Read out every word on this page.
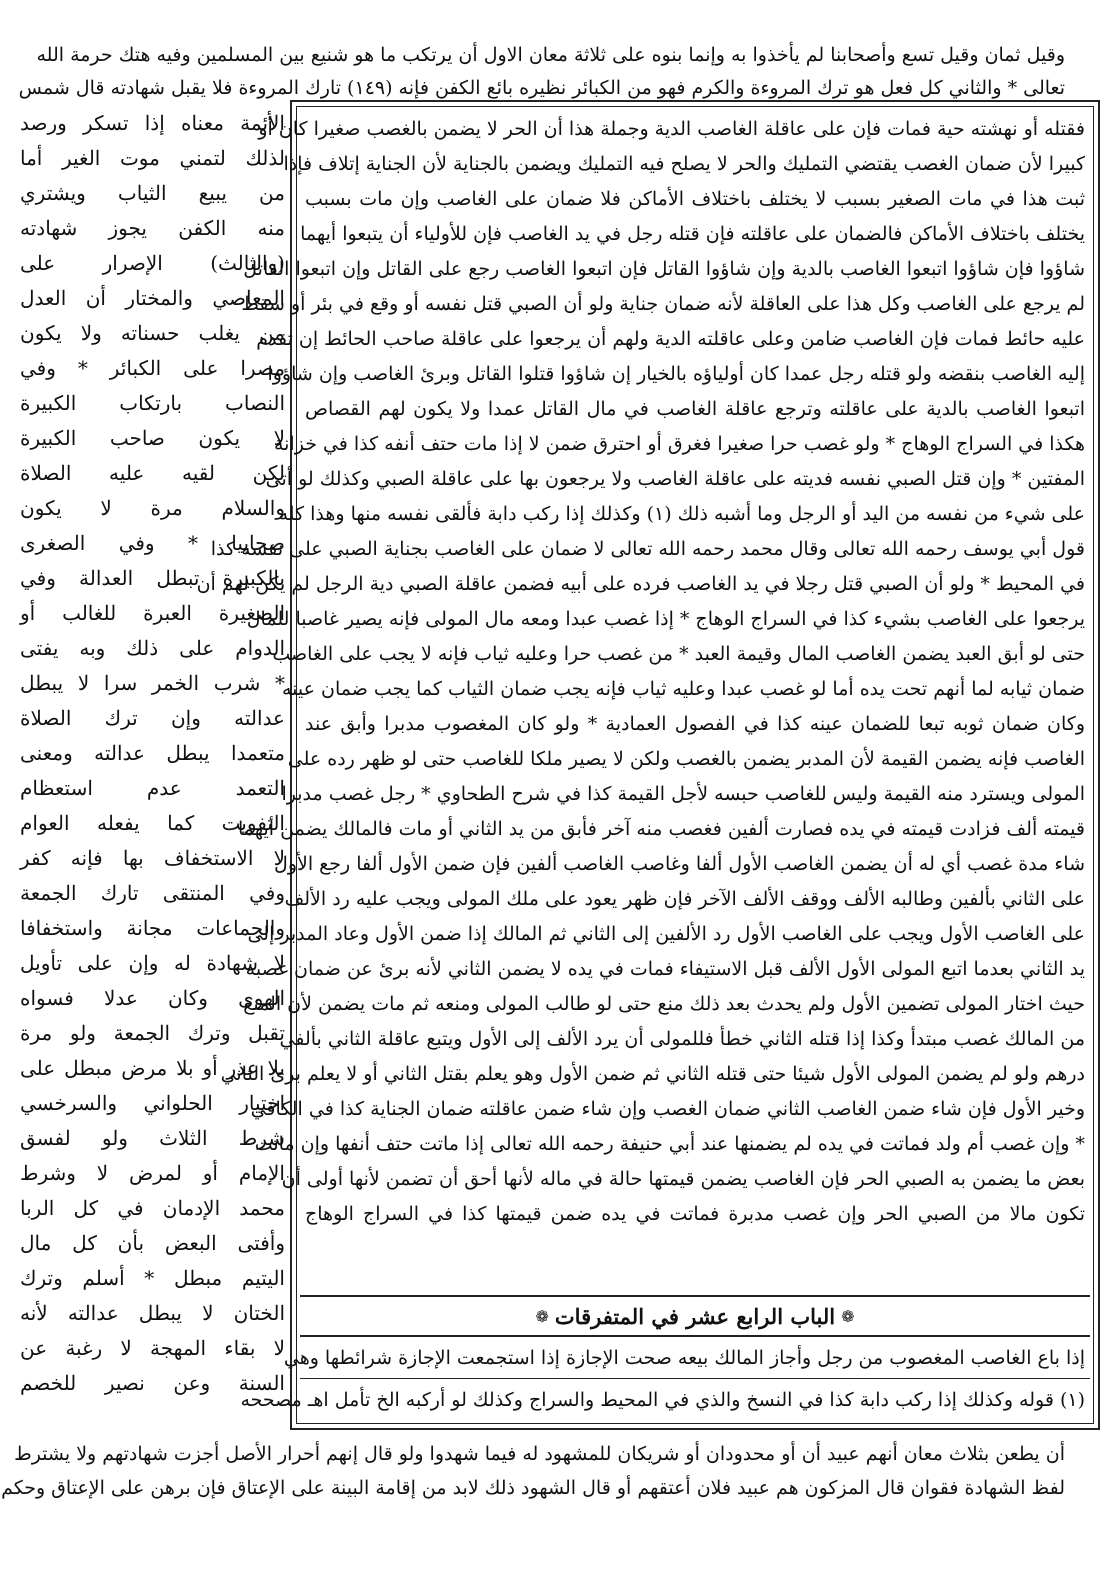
وقيل ثمان وقيل تسع وأصحابنا لم يأخذوا به وإنما بنوه على ثلاثة معان الاول أن يرتكب ما هو شنيع بين المسلمين وفيه هتك حرمة الله
تعالى * والثاني كل فعل هو ترك المروءة والكرم فهو من الكبائر نظيره بائع الكفن فإنه (١٤٩) تارك المروءة فلا يقبل شهادته قال شمس
فقتله أو نهشته حية فمات فإن على عاقلة الغاصب الدية وجملة هذا أن الحر لا يضمن بالغصب صغيرا كان أو
كبيرا لأن ضمان الغصب يقتضي التمليك والحر لا يصلح فيه التمليك ويضمن بالجناية لأن الجناية إتلاف فإذا
ثبت هذا في مات الصغير بسبب لا يختلف باختلاف الأماكن فلا ضمان على الغاصب وإن مات بسبب
يختلف باختلاف الأماكن فالضمان على عاقلته فإن قتله رجل في يد الغاصب فإن للأولياء أن يتبعوا أيهما
شاؤوا فإن شاؤوا اتبعوا الغاصب بالدية وإن شاؤوا القاتل فإن اتبعوا الغاصب رجع على القاتل وإن اتبعوا القاتل
لم يرجع على الغاصب وكل هذا على العاقلة لأنه ضمان جناية ولو أن الصبي قتل نفسه أو وقع في بئر أو سقط
عليه حائط فمات فإن الغاصب ضامن وعلى عاقلته الدية ولهم أن يرجعوا على عاقلة صاحب الحائط إن تقدم
إليه الغاصب بنقضه ولو قتله رجل عمدا كان أولياؤه بالخيار إن شاؤوا قتلوا القاتل وبرئ الغاصب وإن شاؤوا
اتبعوا الغاصب بالدية على عاقلته وترجع عاقلة الغاصب في مال القاتل عمدا ولا يكون لهم القصاص
هكذا في السراج الوهاج * ولو غصب حرا صغيرا فغرق أو احترق ضمن لا إذا مات حتف أنفه كذا في خزانة
المفتين * وإن قتل الصبي نفسه فديته على عاقلة الغاصب ولا يرجعون بها على عاقلة الصبي وكذلك لو أتى
على شيء من نفسه من اليد أو الرجل وما أشبه ذلك (١) وكذلك إذا ركب دابة فألقى نفسه منها وهذا كله
قول أبي يوسف رحمه الله تعالى وقال محمد رحمه الله تعالى لا ضمان على الغاصب بجناية الصبي على نفسه كذا
في المحيط * ولو أن الصبي قتل رجلا في يد الغاصب فرده على أبيه فضمن عاقلة الصبي دية الرجل لم يكن لهم أن
يرجعوا على الغاصب بشيء كذا في السراج الوهاج * إذا غصب عبدا ومعه مال المولى فإنه يصير غاصبا للمال
حتى لو أبق العبد يضمن الغاصب المال وقيمة العبد * من غصب حرا وعليه ثياب فإنه لا يجب على الغاصب
ضمان ثيابه لما أنهم تحت يده أما لو غصب عبدا وعليه ثياب فإنه يجب ضمان الثياب كما يجب ضمان عينه
وكان ضمان ثوبه تبعا للضمان عينه كذا في الفصول العمادية * ولو كان المغصوب مدبرا وأبق عند
الغاصب فإنه يضمن القيمة لأن المدبر يضمن بالغصب ولكن لا يصير ملكا للغاصب حتى لو ظهر رده على
المولى ويسترد منه القيمة وليس للغاصب حبسه لأجل القيمة كذا في شرح الطحاوي * رجل غصب مدبرا
قيمته ألف فزادت قيمته في يده فصارت ألفين فغصب منه آخر فأبق من يد الثاني أو مات فالمالك يضمن أيهما
شاء مدة غصب أي له أن يضمن الغاصب الأول ألفا وغاصب الغاصب ألفين فإن ضمن الأول ألفا رجع الأول
على الثاني بألفين وطالبه الألف ووقف الألف الآخر فإن ظهر يعود على ملك المولى ويجب عليه رد الألف
على الغاصب الأول ويجب على الغاصب الأول رد الألفين إلى الثاني ثم المالك إذا ضمن الأول وعاد المدبر إلى
يد الثاني بعدما اتبع المولى الأول الألف قبل الاستيفاء فمات في يده لا يضمن الثاني لأنه برئ عن ضمان غصبه
حيث اختار المولى تضمين الأول ولم يحدث بعد ذلك منع حتى لو طالب المولى ومنعه ثم مات يضمن لأن المنع
من المالك غصب مبتدأ وكذا إذا قتله الثاني خطأ فللمولى أن يرد الألف إلى الأول ويتبع عاقلة الثاني بألفي
درهم ولو لم يضمن المولى الأول شيئا حتى قتله الثاني ثم ضمن الأول وهو يعلم بقتل الثاني أو لا يعلم برئ الثاني
وخير الأول فإن شاء ضمن الغاصب الثاني ضمان الغصب وإن شاء ضمن عاقلته ضمان الجناية كذا في الكافي
* وإن غصب أم ولد فماتت في يده لم يضمنها عند أبي حنيفة رحمه الله تعالى إذا ماتت حتف أنفها وإن ماتت
بعض ما يضمن به الصبي الحر فإن الغاصب يضمن قيمتها حالة في ماله لأنها أحق أن تضمن لأنها أولى أن
تكون مالا من الصبي الحر وإن غصب مدبرة فماتت في يده ضمن قيمتها كذا في السراج الوهاج
❁
الباب الرابع عشر في المتفرقات
❁
إذا باع الغاصب المغصوب من رجل وأجاز المالك بيعه صحت الإجازة إذا استجمعت الإجازة شرائطها وهي
(١) قوله وكذلك إذا ركب دابة كذا في النسخ والذي في المحيط والسراج وكذلك لو أركبه الخ تأمل اهـ مصححه
الأئمة معناه إذا تسكر ورصد
لذلك لتمني موت الغير أما
من يبيع الثياب ويشتري
منه الكفن يجوز شهادته
(والثالث) الإصرار على
المعاصي والمختار أن العدل
من يغلب حسناته ولا يكون
مصرا على الكبائر * وفي
النصاب بارتكاب الكبيرة
لا يكون صاحب الكبيرة
لكن لقيه عليه الصلاة
والسلام مرة لا يكون
صحابيا * وفي الصغرى
بالكبيرة تبطل العدالة وفي
الصغيرة العبرة للغالب أو
الدوام على ذلك وبه يفتى
* شرب الخمر سرا لا يبطل
عدالته وإن ترك الصلاة
متعمدا يبطل عدالته ومعنى
التعمد عدم استعظام
التفويت كما يفعله العوام
لا الاستخفاف بها فإنه كفر
وفي المنتقى تارك الجمعة
والجماعات مجانة واستخفافا
لا شهادة له وإن على تأويل
الهوى وكان عدلا فسواه
تقبل وترك الجمعة ولو مرة
بلا عذر أو بلا مرض مبطل على
اختيار الحلواني والسرخسي
شرط الثلاث ولو لفسق
الإمام أو لمرض لا وشرط
محمد الإدمان في كل الربا
وأفتى البعض بأن كل مال
اليتيم مبطل * أسلم وترك
الختان لا يبطل عدالته لأنه
لا بقاء المهجة لا رغبة عن
السنة وعن نصير للخصم
أن يطعن بثلاث معان أنهم عبيد أن أو محدودان أو شريكان للمشهود له فيما شهدوا ولو قال إنهم أحرار الأصل أجزت شهادتهم ولا يشترط
لفظ الشهادة فقوان قال المزكون هم عبيد فلان أعتقهم أو قال الشهود ذلك لابد من إقامة البينة على الإعتاق فإن برهن على الإعتاق وحكم
